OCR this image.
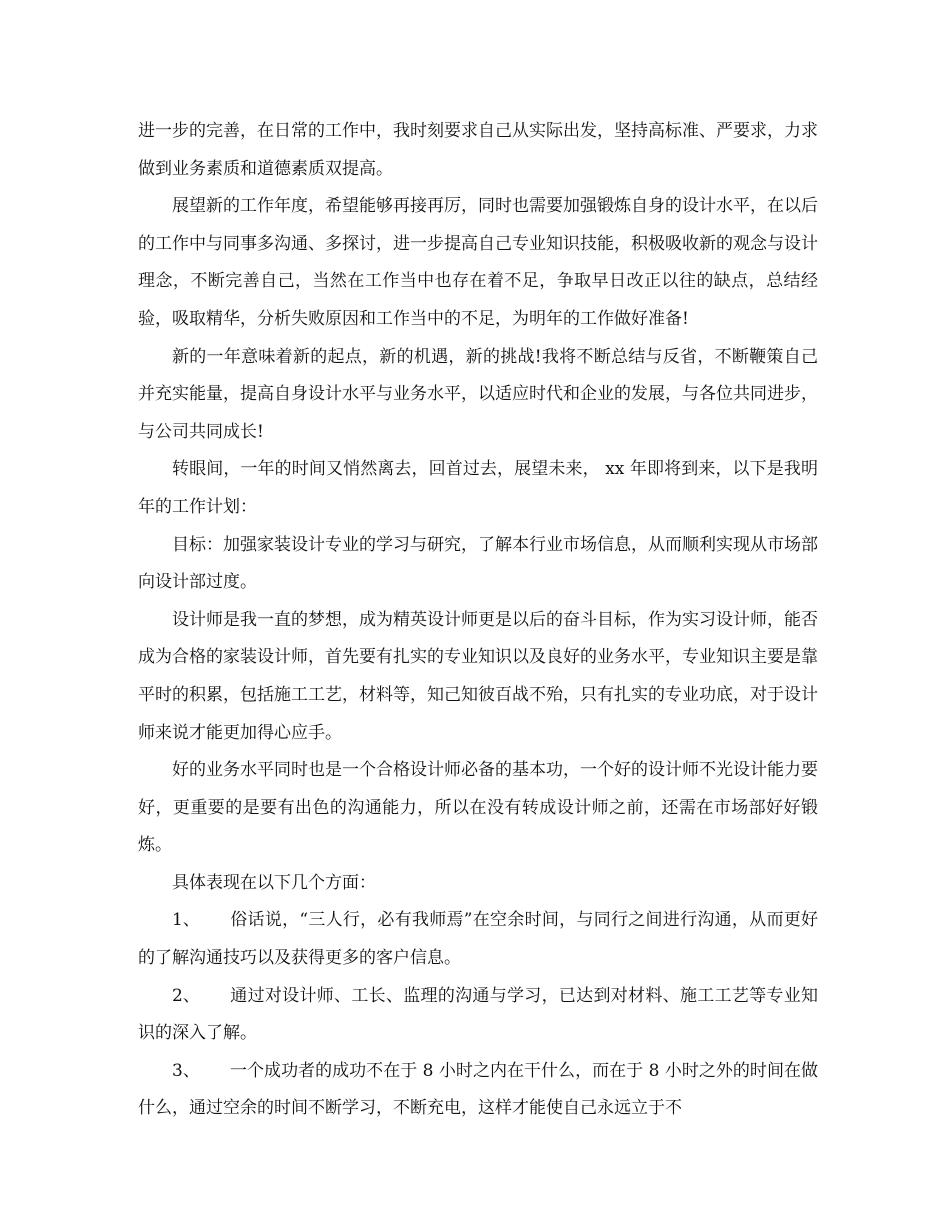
进一步的完善，在日常的工作中，我时刻要求自己从实际出发，坚持高标准、严要求，力求做到业务素质和道德素质双提高。

展望新的工作年度，希望能够再接再厉，同时也需要加强锻炼自身的设计水平，在以后的工作中与同事多沟通、多探讨，进一步提高自己专业知识技能，积极吸收新的观念与设计理念，不断完善自己，当然在工作当中也存在着不足，争取早日改正以往的缺点，总结经验，吸取精华，分析失败原因和工作当中的不足，为明年的工作做好准备!

新的一年意味着新的起点，新的机遇，新的挑战!我将不断总结与反省，不断鞭策自己并充实能量，提高自身设计水平与业务水平，以适应时代和企业的发展，与各位共同进步，与公司共同成长!

转眼间，一年的时间又悄然离去，回首过去，展望未来， xx 年即将到来，以下是我明年的工作计划：

目标：加强家装设计专业的学习与研究，了解本行业市场信息，从而顺利实现从市场部向设计部过度。

设计师是我一直的梦想，成为精英设计师更是以后的奋斗目标，作为实习设计师，能否成为合格的家装设计师，首先要有扎实的专业知识以及良好的业务水平，专业知识主要是靠平时的积累，包括施工工艺，材料等，知己知彼百战不殆，只有扎实的专业功底，对于设计师来说才能更加得心应手。

好的业务水平同时也是一个合格设计师必备的基本功，一个好的设计师不光设计能力要好，更重要的是要有出色的沟通能力，所以在没有转成设计师之前，还需在市场部好好锻炼。

具体表现在以下几个方面：

1、 俗话说，“三人行，必有我师焉”在空余时间，与同行之间进行沟通，从而更好的了解沟通技巧以及获得更多的客户信息。

2、 通过对设计师、工长、监理的沟通与学习，已达到对材料、施工工艺等专业知识的深入了解。

3、 一个成功者的成功不在于 8 小时之内在干什么，而在于 8 小时之外的时间在做什么，通过空余的时间不断学习，不断充电，这样才能使自己永远立于不
